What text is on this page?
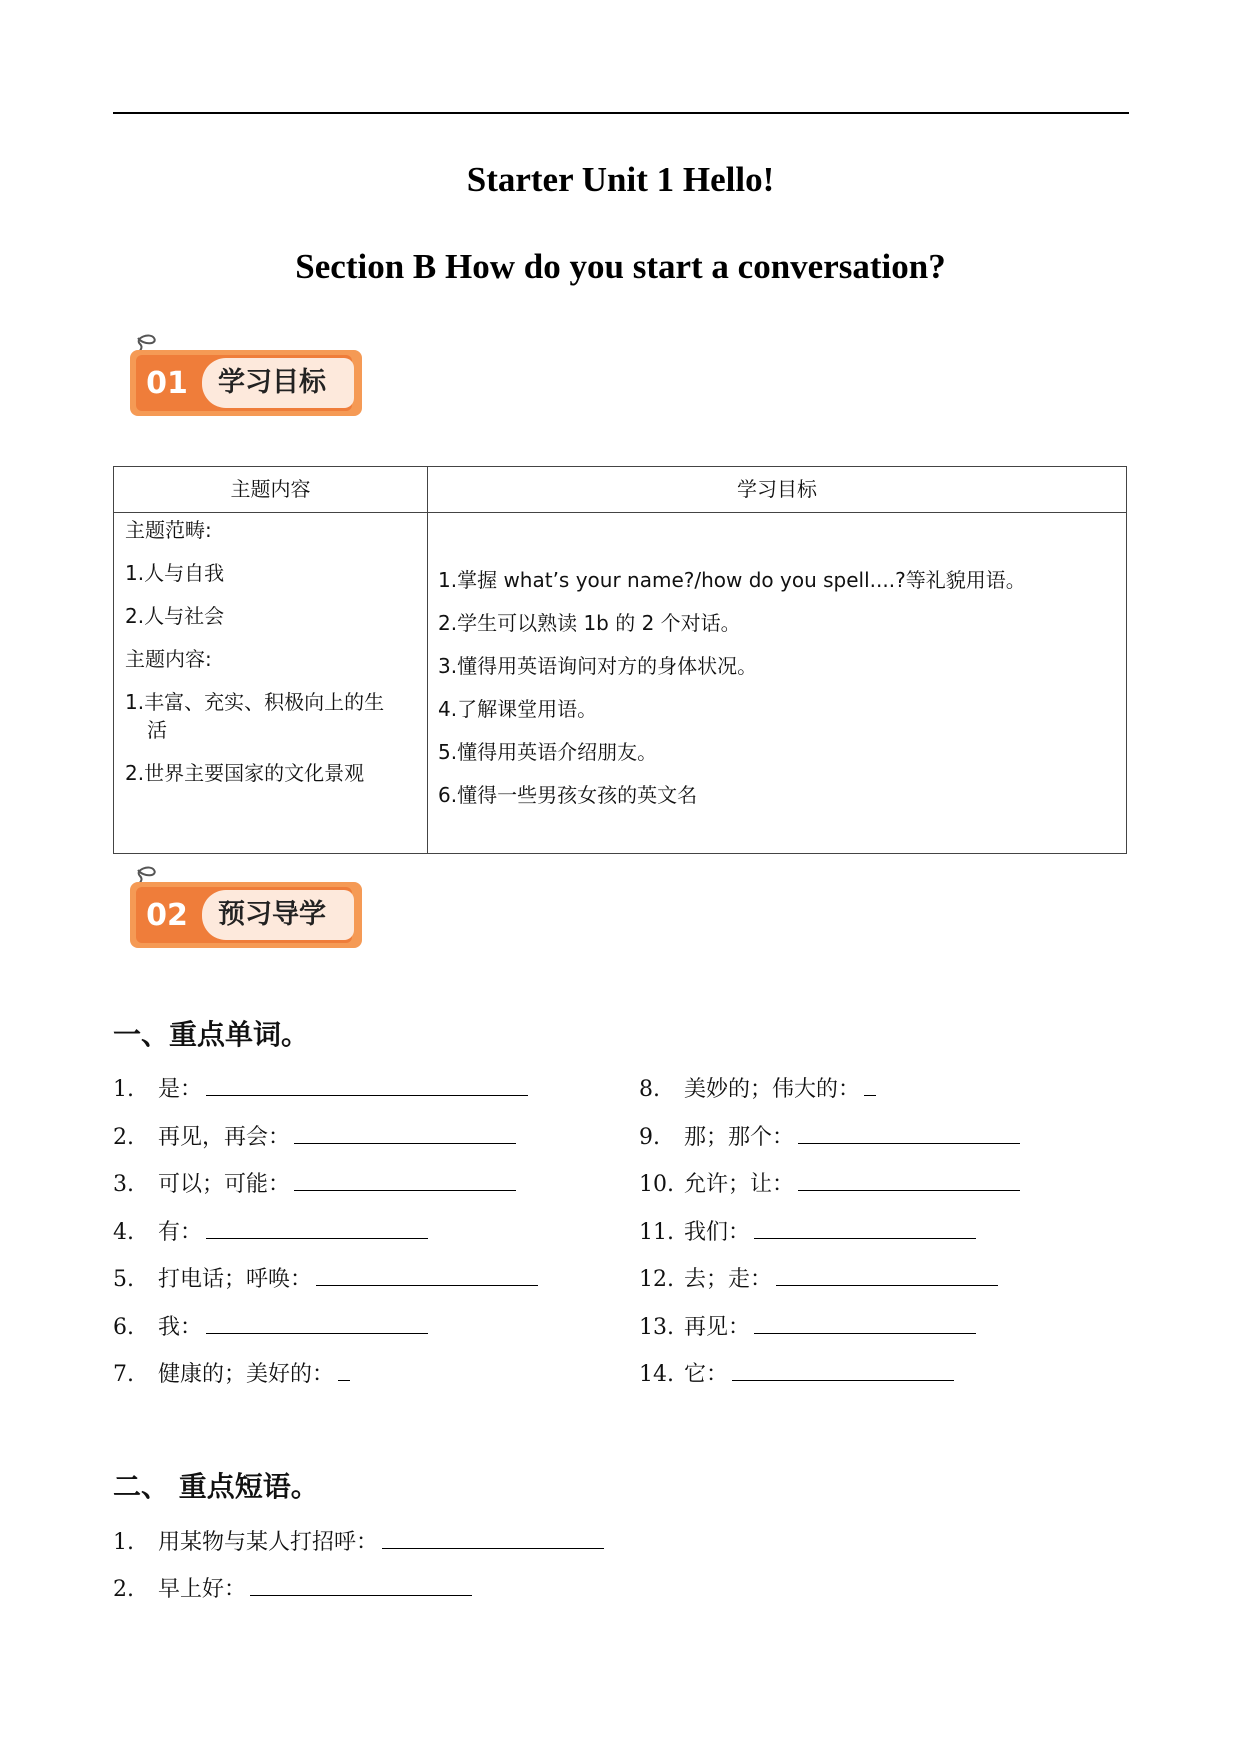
Starter Unit 1 Hello!
Section B How do you start a conversation?
01 学习目标
主题内容	学习目标
主题范畴:
1.人与自我
2.人与社会
主题内容:
1.丰富、充实、积极向上的生
活
2.世界主要国家的文化景观
1.掌握 what’s your name?/how do you spell....?等礼貌用语。
2.学生可以熟读 1b 的 2 个对话。
3.懂得用英语询问对方的身体状况。
4.了解课堂用语。
5.懂得用英语介绍朋友。
6.懂得一些男孩女孩的英文名
02 预习导学
一、重点单词。
1. 是：
2. 再见，再会：
3. 可以；可能：
4. 有：
5. 打电话；呼唤：
6. 我：
7. 健康的；美好的：
8. 美妙的；伟大的：
9. 那；那个：
10. 允许；让：
11. 我们：
12. 去；走：
13. 再见：
14. 它：
二、 重点短语。
1. 用某物与某人打招呼：
2. 早上好：
